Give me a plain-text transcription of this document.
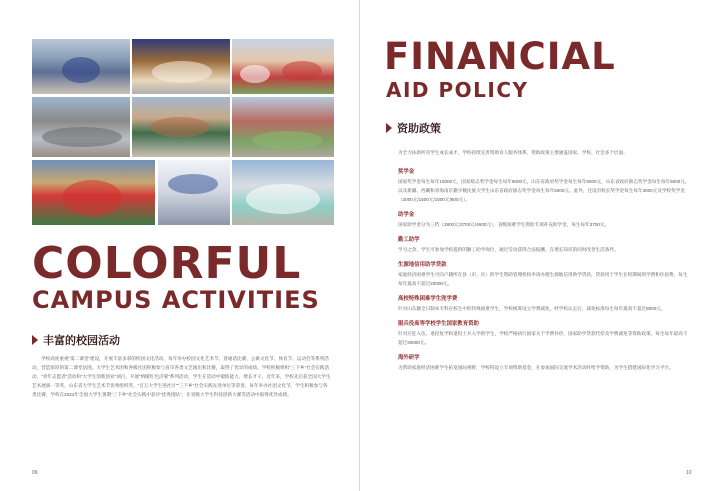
COLORFUL
CAMPUS ACTIVITIES
丰富的校园活动
学校高度重视“第二课堂”建设，开展丰富多彩的校园文化活动。每年举办校园文化艺术节、普通话比赛、公寓文化节、体育节、运动会等系列活动，营造浓厚的第二课堂氛围。大学生艺术团和各级社团积极参与省市各类文艺演出和比赛，取得了优异的成绩。学校积极组织“三下乡”社会实践活动、“青年志愿者”活动和“大学生创新创业”项目，开展“情暖红色沂蒙”系列活动，学生在活动中锻炼能力、增长才干。近年来，学校先后获全国大学生艺术展演一等奖、山东省大学生艺术节优秀组织奖、“百万大学生进社区”“三下乡”社会实践先进单位等荣誉。每年举办社团文化节，学生积极参与各类比赛，学校在2022年全国大学生暑期“三下乡”社会实践中获评“优秀团队”，在省级大学生科技创新大赛等活动中取得优异成绩。
09
FINANCIAL
AID POLICY
资助政策
为全力扶助所有学生成长成才，学校持续完善资助育人服务体系，资助政策主要涵盖国家、学校、社会多个层面。
奖学金
国家奖学金每生每年10000元，国家励志奖学金每生每年6000元，山东省政府奖学金每生每年6000元，山东省政府励志奖学金每生每年5000元。以及新疆、西藏和青海南京籍少数民族大学生山东省政府励志奖学金每生每年5000元。此外，还设有校长奖学金每生每年3000元及学校奖学金（2000元/1500元/1000元/800元）。
助学金
国家助学金分为三档（2800元/3700元/4600元），省级困难学生资助专项补充助学金，每生每年3700元。
勤工助学
学习之余，学生可参加学校提供的勤工助学岗位，通过劳动获得合法报酬，在增长知识的同时改善生活条件。
生源地信用助学贷款
家庭经济困难学生可向户籍所在县（市、区）的学生资助管理机构申请办理生源地信用助学贷款，贷款用于学生在校期间的学费和住宿费，每生每年最高不超过20000元。
高校特殊困难学生兜学费
针对山东籍全日制本专科在校生中的特殊困难学生，学校统筹设立学费减免，经学校认定后，减免标准每生每年最高不超过8000元。
服兵役高等学校学生国家教育资助
针对应征入伍、退役复学和退役士兵入学的学生，学校严格执行国家关于学费补偿、国家助学贷款代偿及学费减免等资助政策，每生每年最高不超过20000元。
海外研学
为帮助家庭经济困难学生拓宽国际视野，学校特设立专项资助基金，在参加国际交流学术活动时给予资助，为学生搭建国际化学习平台。
10
